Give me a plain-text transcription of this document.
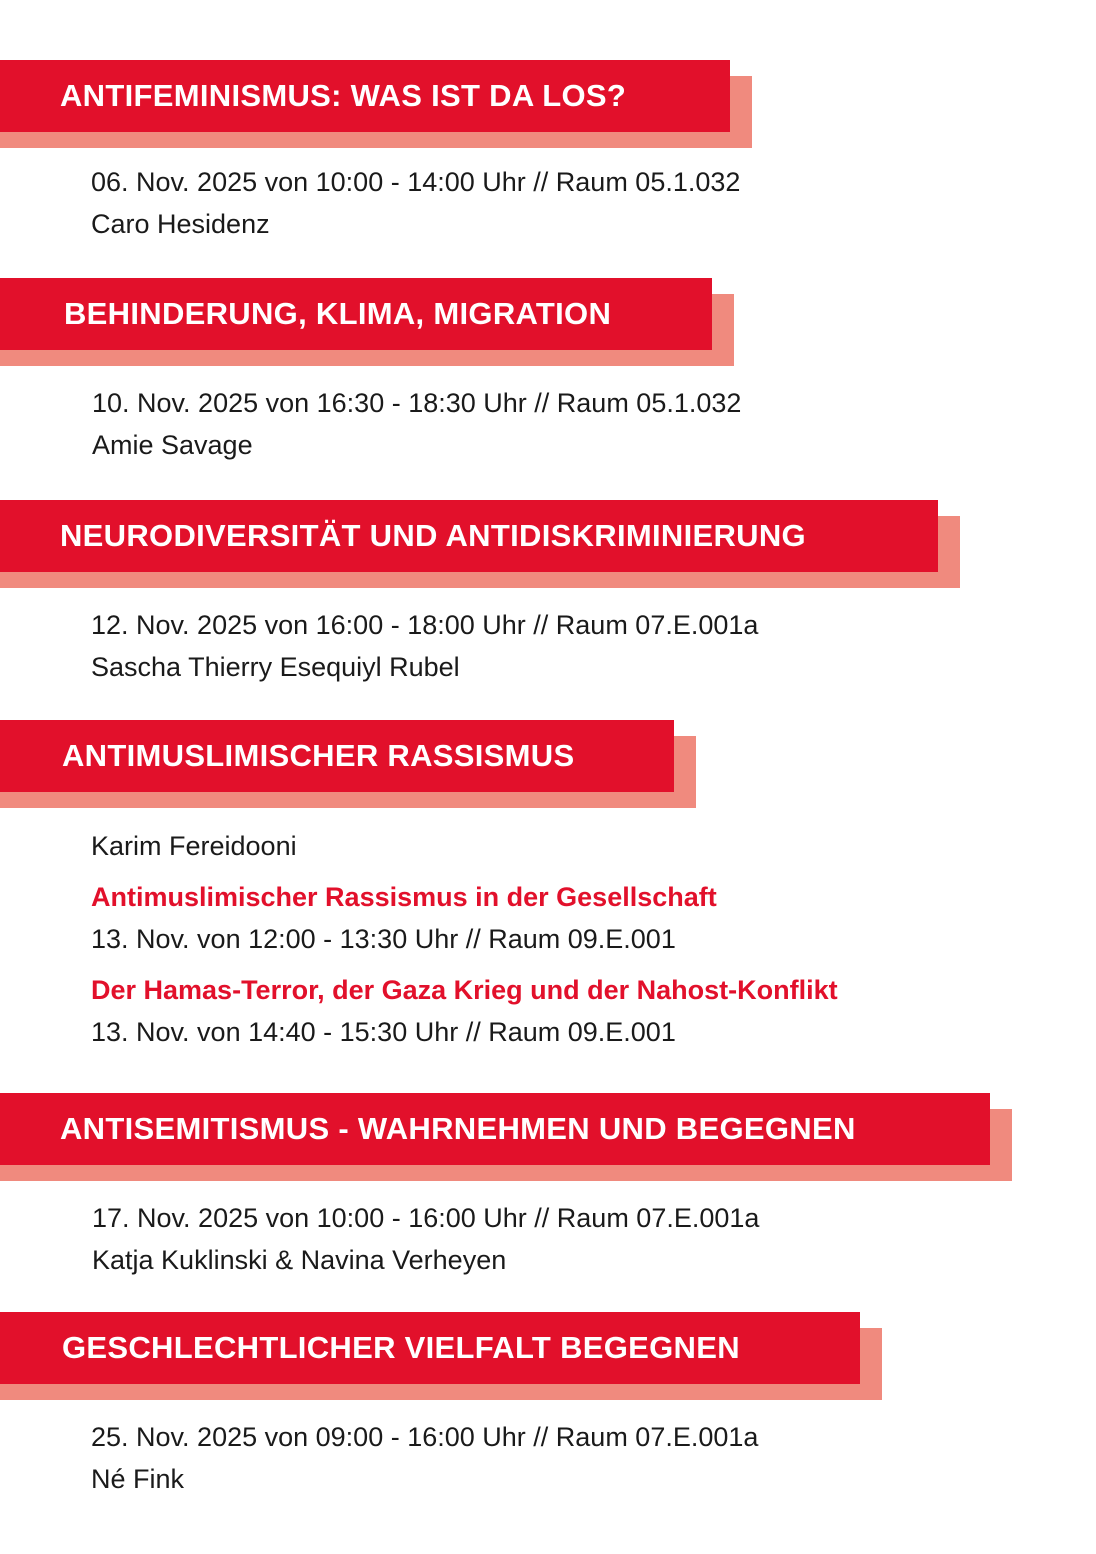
ANTIFEMINISMUS: WAS IST DA LOS?
06. Nov. 2025 von 10:00 - 14:00 Uhr // Raum 05.1.032
Caro Hesidenz
BEHINDERUNG, KLIMA, MIGRATION
10. Nov. 2025 von 16:30 - 18:30 Uhr // Raum 05.1.032
Amie Savage
NEURODIVERSITÄT UND ANTIDISKRIMINIERUNG
12. Nov. 2025 von 16:00 - 18:00 Uhr // Raum 07.E.001a
Sascha Thierry Esequiyl Rubel
ANTIMUSLIMISCHER RASSISMUS
Karim Fereidooni
Antimuslimischer Rassismus in der Gesellschaft
13. Nov. von 12:00 - 13:30 Uhr // Raum 09.E.001
Der Hamas-Terror, der Gaza Krieg und der Nahost-Konflikt
13. Nov. von 14:40 - 15:30 Uhr // Raum 09.E.001
ANTISEMITISMUS - WAHRNEHMEN UND BEGEGNEN
17. Nov. 2025 von 10:00 - 16:00 Uhr // Raum 07.E.001a
Katja Kuklinski & Navina Verheyen
GESCHLECHTLICHER VIELFALT BEGEGNEN
25. Nov. 2025 von 09:00 - 16:00 Uhr // Raum 07.E.001a
Né Fink
